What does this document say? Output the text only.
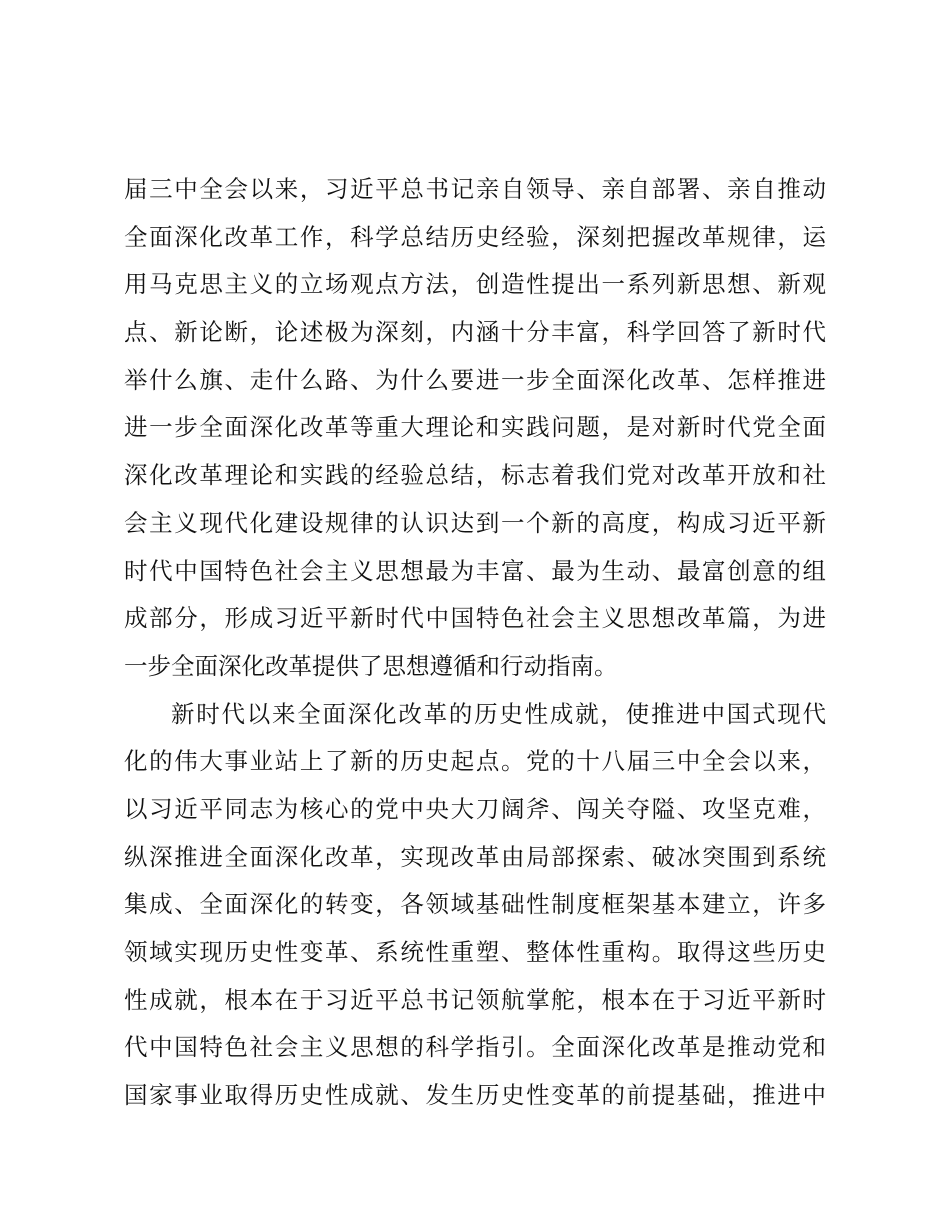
届三中全会以来，习近平总书记亲自领导、亲自部署、亲自推动
全面深化改革工作，科学总结历史经验，深刻把握改革规律，运
用马克思主义的立场观点方法，创造性提出一系列新思想、新观
点、新论断，论述极为深刻，内涵十分丰富，科学回答了新时代
举什么旗、走什么路、为什么要进一步全面深化改革、怎样推进
进一步全面深化改革等重大理论和实践问题，是对新时代党全面
深化改革理论和实践的经验总结，标志着我们党对改革开放和社
会主义现代化建设规律的认识达到一个新的高度，构成习近平新
时代中国特色社会主义思想最为丰富、最为生动、最富创意的组
成部分，形成习近平新时代中国特色社会主义思想改革篇，为进
一步全面深化改革提供了思想遵循和行动指南。
新时代以来全面深化改革的历史性成就，使推进中国式现代
化的伟大事业站上了新的历史起点。党的十八届三中全会以来，
以习近平同志为核心的党中央大刀阔斧、闯关夺隘、攻坚克难，
纵深推进全面深化改革，实现改革由局部探索、破冰突围到系统
集成、全面深化的转变，各领域基础性制度框架基本建立，许多
领域实现历史性变革、系统性重塑、整体性重构。取得这些历史
性成就，根本在于习近平总书记领航掌舵，根本在于习近平新时
代中国特色社会主义思想的科学指引。全面深化改革是推动党和
国家事业取得历史性成就、发生历史性变革的前提基础，推进中
